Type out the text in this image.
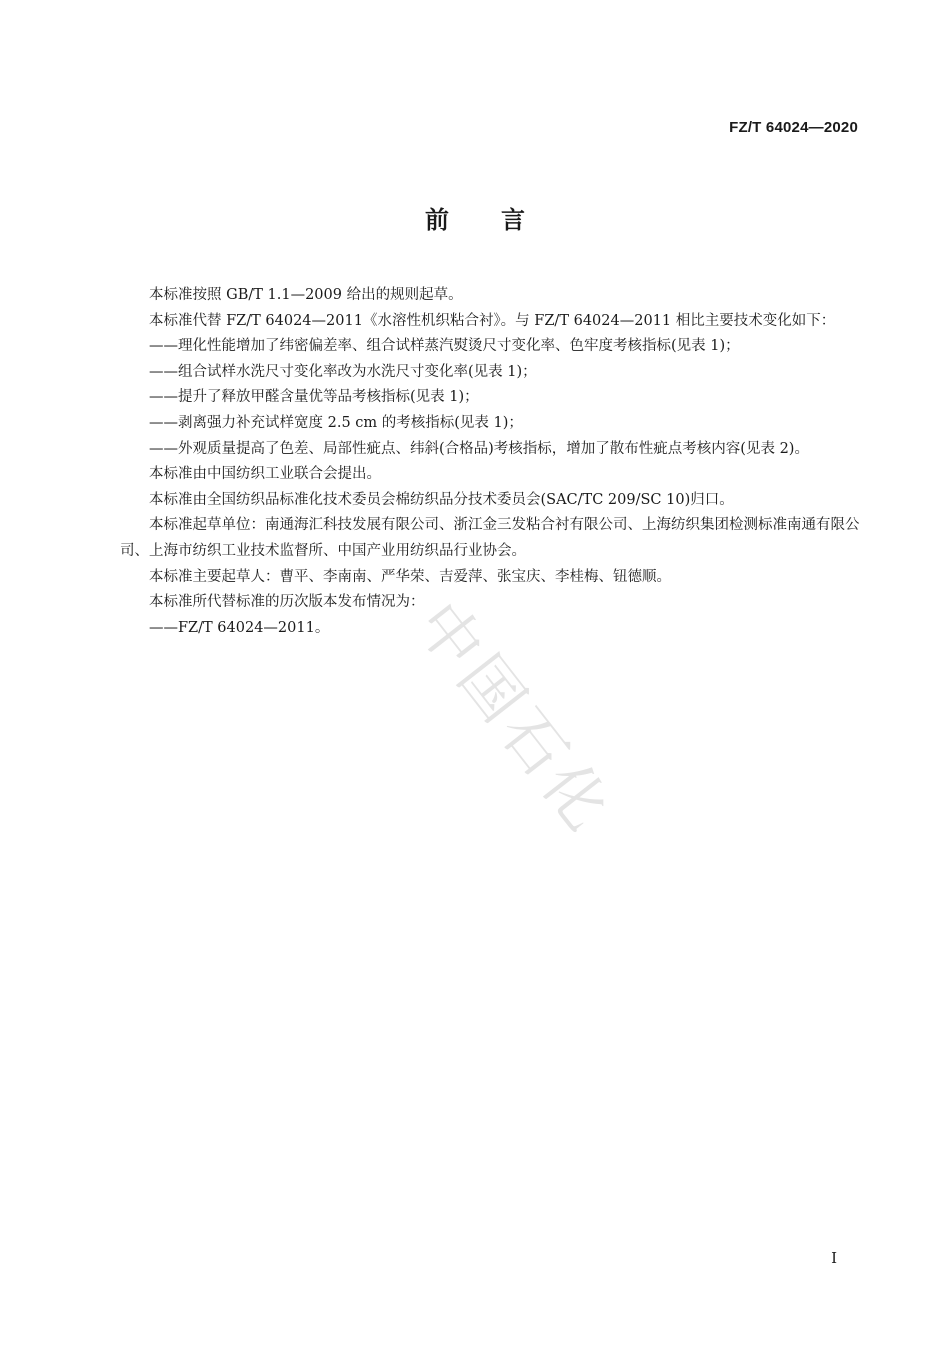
中国石化
FZ/T 64024—2020
前言

本标准按照 GB/T 1.1—2009 给出的规则起草。

本标准代替 FZ/T 64024—2011《水溶性机织粘合衬》。与 FZ/T 64024—2011 相比主要技术变化如下：

——理化性能增加了纬密偏差率、组合试样蒸汽熨烫尺寸变化率、色牢度考核指标(见表 1)；

——组合试样水洗尺寸变化率改为水洗尺寸变化率(见表 1)；

——提升了释放甲醛含量优等品考核指标(见表 1)；

——剥离强力补充试样宽度 2.5 cm 的考核指标(见表 1)；

——外观质量提高了色差、局部性疵点、纬斜(合格品)考核指标，增加了散布性疵点考核内容(见表 2)。

本标准由中国纺织工业联合会提出。

本标准由全国纺织品标准化技术委员会棉纺织品分技术委员会(SAC/TC 209/SC 10)归口。

本标准起草单位：南通海汇科技发展有限公司、浙江金三发粘合衬有限公司、上海纺织集团检测标准南通有限公司、上海市纺织工业技术监督所、中国产业用纺织品行业协会。

本标准主要起草人：曹平、李南南、严华荣、吉爱萍、张宝庆、李桂梅、钮德顺。

本标准所代替标准的历次版本发布情况为：

——FZ/T 64024—2011。

I
